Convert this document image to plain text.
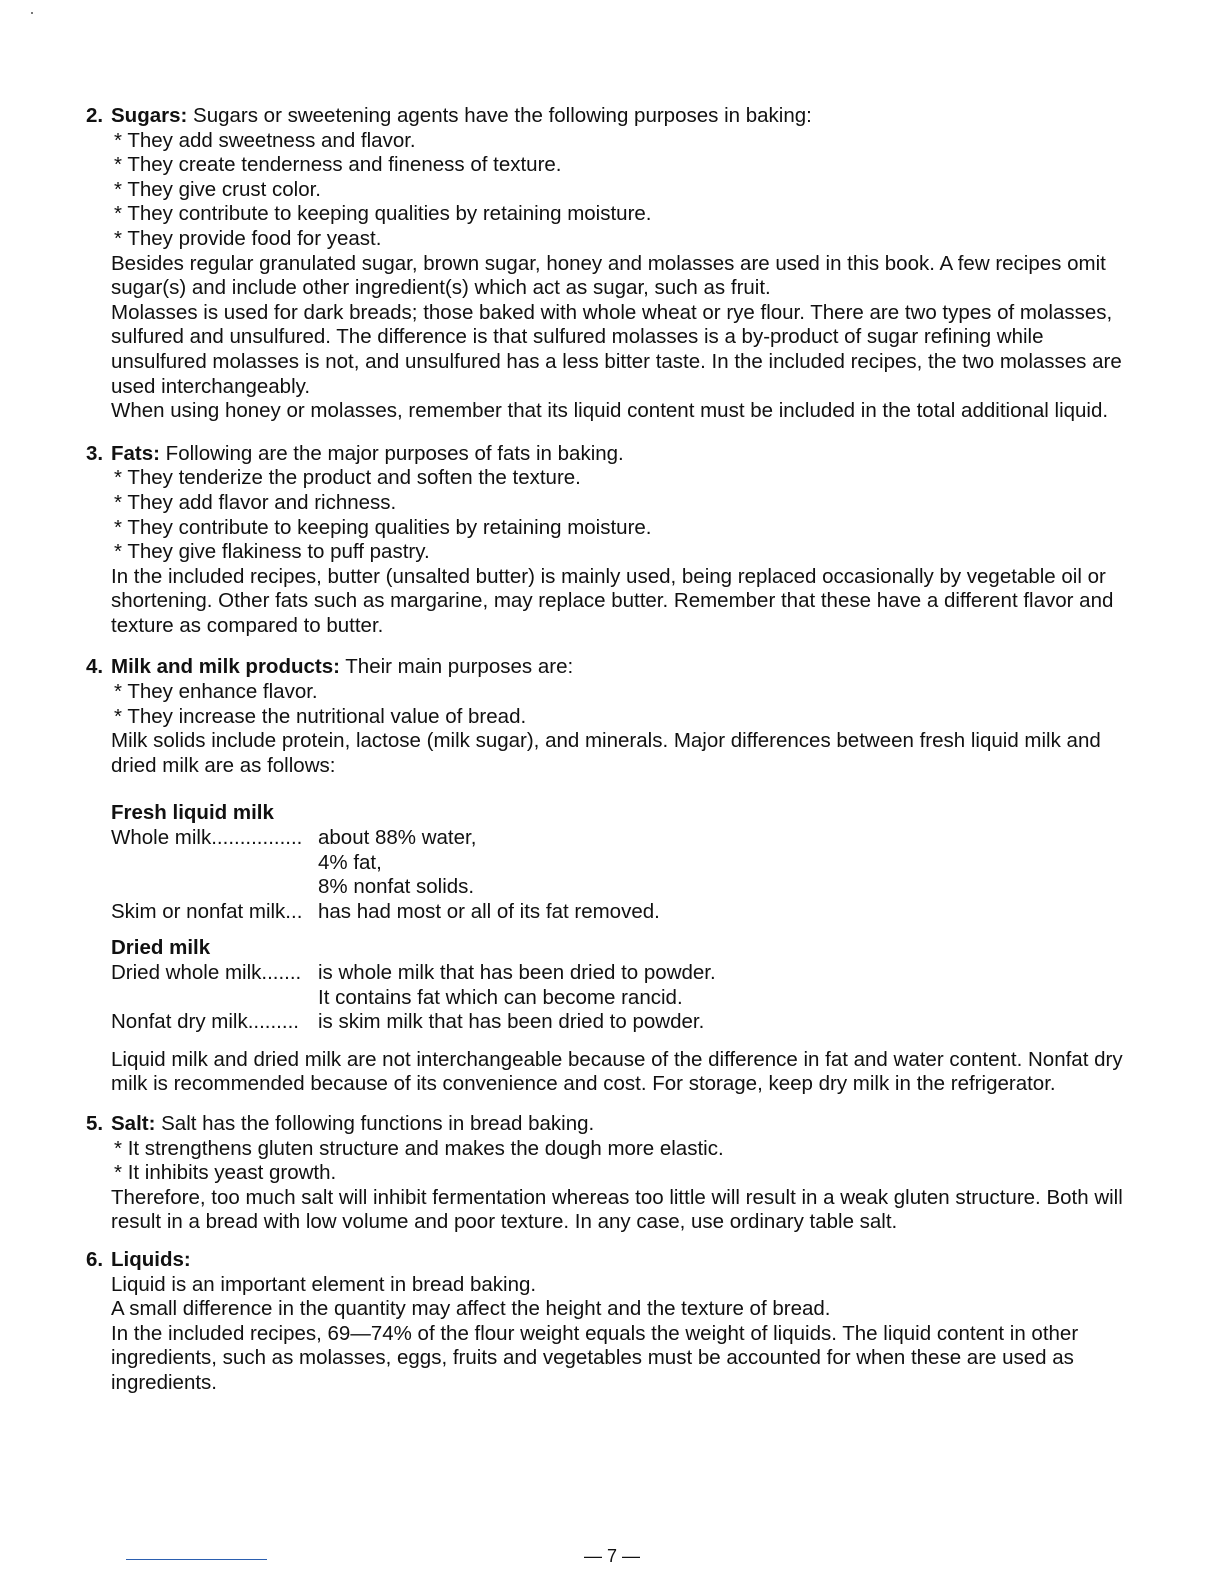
2. Sugars: Sugars or sweetening agents have the following purposes in baking:
* They add sweetness and flavor.
* They create tenderness and fineness of texture.
* They give crust color.
* They contribute to keeping qualities by retaining moisture.
* They provide food for yeast.

Besides regular granulated sugar, brown sugar, honey and molasses are used in this book. A few recipes omit sugar(s) and include other ingredient(s) which act as sugar, such as fruit.

Molasses is used for dark breads; those baked with whole wheat or rye flour. There are two types of molasses, sulfured and unsulfured. The difference is that sulfured molasses is a by-product of sugar refining while unsulfured molasses is not, and unsulfured has a less bitter taste. In the included recipes, the two molasses are used interchangeably.

When using honey or molasses, remember that its liquid content must be included in the total additional liquid.

3. Fats: Following are the major purposes of fats in baking.
* They tenderize the product and soften the texture.
* They add flavor and richness.
* They contribute to keeping qualities by retaining moisture.
* They give flakiness to puff pastry.

In the included recipes, butter (unsalted butter) is mainly used, being replaced occasionally by vegetable oil or shortening. Other fats such as margarine, may replace butter. Remember that these have a different flavor and texture as compared to butter.

4. Milk and milk products: Their main purposes are:
* They enhance flavor.
* They increase the nutritional value of bread.

Milk solids include protein, lactose (milk sugar), and minerals. Major differences between fresh liquid milk and dried milk are as follows:

Fresh liquid milk
Whole milk................ about 88% water,
4% fat,
8% nonfat solids.
Skim or nonfat milk... has had most or all of its fat removed.
Dried milk
Dried whole milk....... is whole milk that has been dried to powder.
It contains fat which can become rancid.
Nonfat dry milk......... is skim milk that has been dried to powder.

Liquid milk and dried milk are not interchangeable because of the difference in fat and water content. Nonfat dry milk is recommended because of its convenience and cost. For storage, keep dry milk in the refrigerator.

5. Salt: Salt has the following functions in bread baking.
* It strengthens gluten structure and makes the dough more elastic.
* It inhibits yeast growth.

Therefore, too much salt will inhibit fermentation whereas too little will result in a weak gluten structure. Both will result in a bread with low volume and poor texture. In any case, use ordinary table salt.

6. Liquids:

Liquid is an important element in bread baking.

A small difference in the quantity may affect the height and the texture of bread.

In the included recipes, 69—74% of the flour weight equals the weight of liquids. The liquid content in other ingredients, such as molasses, eggs, fruits and vegetables must be accounted for when these are used as ingredients.

— 7 —
